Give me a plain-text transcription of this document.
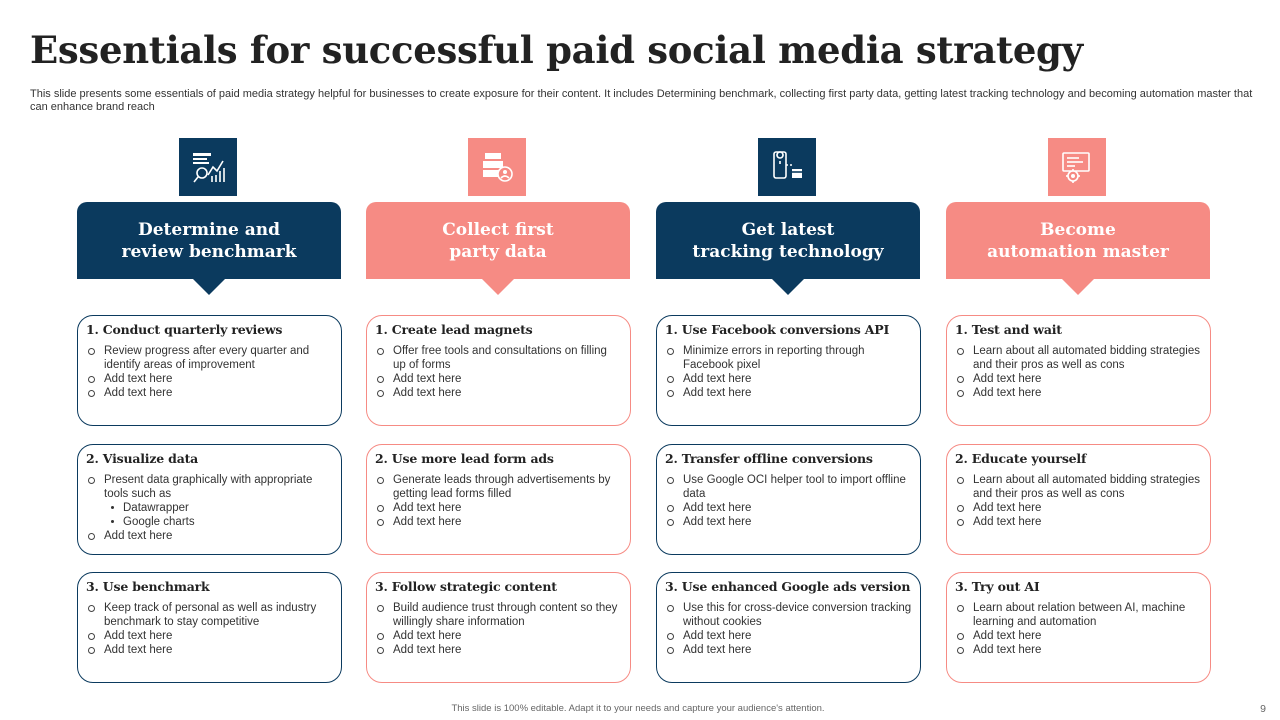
Essentials for successful paid social media strategy
This slide presents some essentials of paid media strategy helpful for businesses to create exposure for their content. It includes Determining benchmark, collecting first party data, getting latest tracking technology and becoming automation master that can enhance brand reach
Determine and
review benchmark
1. Conduct quarterly reviews
Review progress after every quarter and identify areas of improvement
Add text here
Add text here
2. Visualize data
Present data graphically with appropriate tools such as
Datawrapper
Google charts
Add text here
3. Use benchmark
Keep track of personal as well as industry benchmark to stay competitive
Add text here
Add text here
Collect first
party data
1. Create lead magnets
Offer free tools and consultations on filling up of forms
Add text here
Add text here
2. Use more lead form ads
Generate leads through advertisements by getting lead forms filled
Add text here
Add text here
3. Follow strategic content
Build audience trust through content so they willingly share information
Add text here
Add text here
Get latest
tracking technology
1. Use Facebook conversions API
Minimize errors in reporting through Facebook pixel
Add text here
Add text here
2. Transfer offline conversions
Use Google OCI helper tool to import offline data
Add text here
Add text here
3. Use enhanced Google ads version
Use this for cross-device conversion tracking without cookies
Add text here
Add text here
Become
automation master
1. Test and wait
Learn about all automated bidding strategies and their pros as well as cons
Add text here
Add text here
2. Educate yourself
Learn about all automated bidding strategies and their pros as well as cons
Add text here
Add text here
3. Try out AI
Learn about relation between AI, machine learning and automation
Add text here
Add text here
This slide is 100% editable. Adapt it to your needs and capture your audience's attention.	9
